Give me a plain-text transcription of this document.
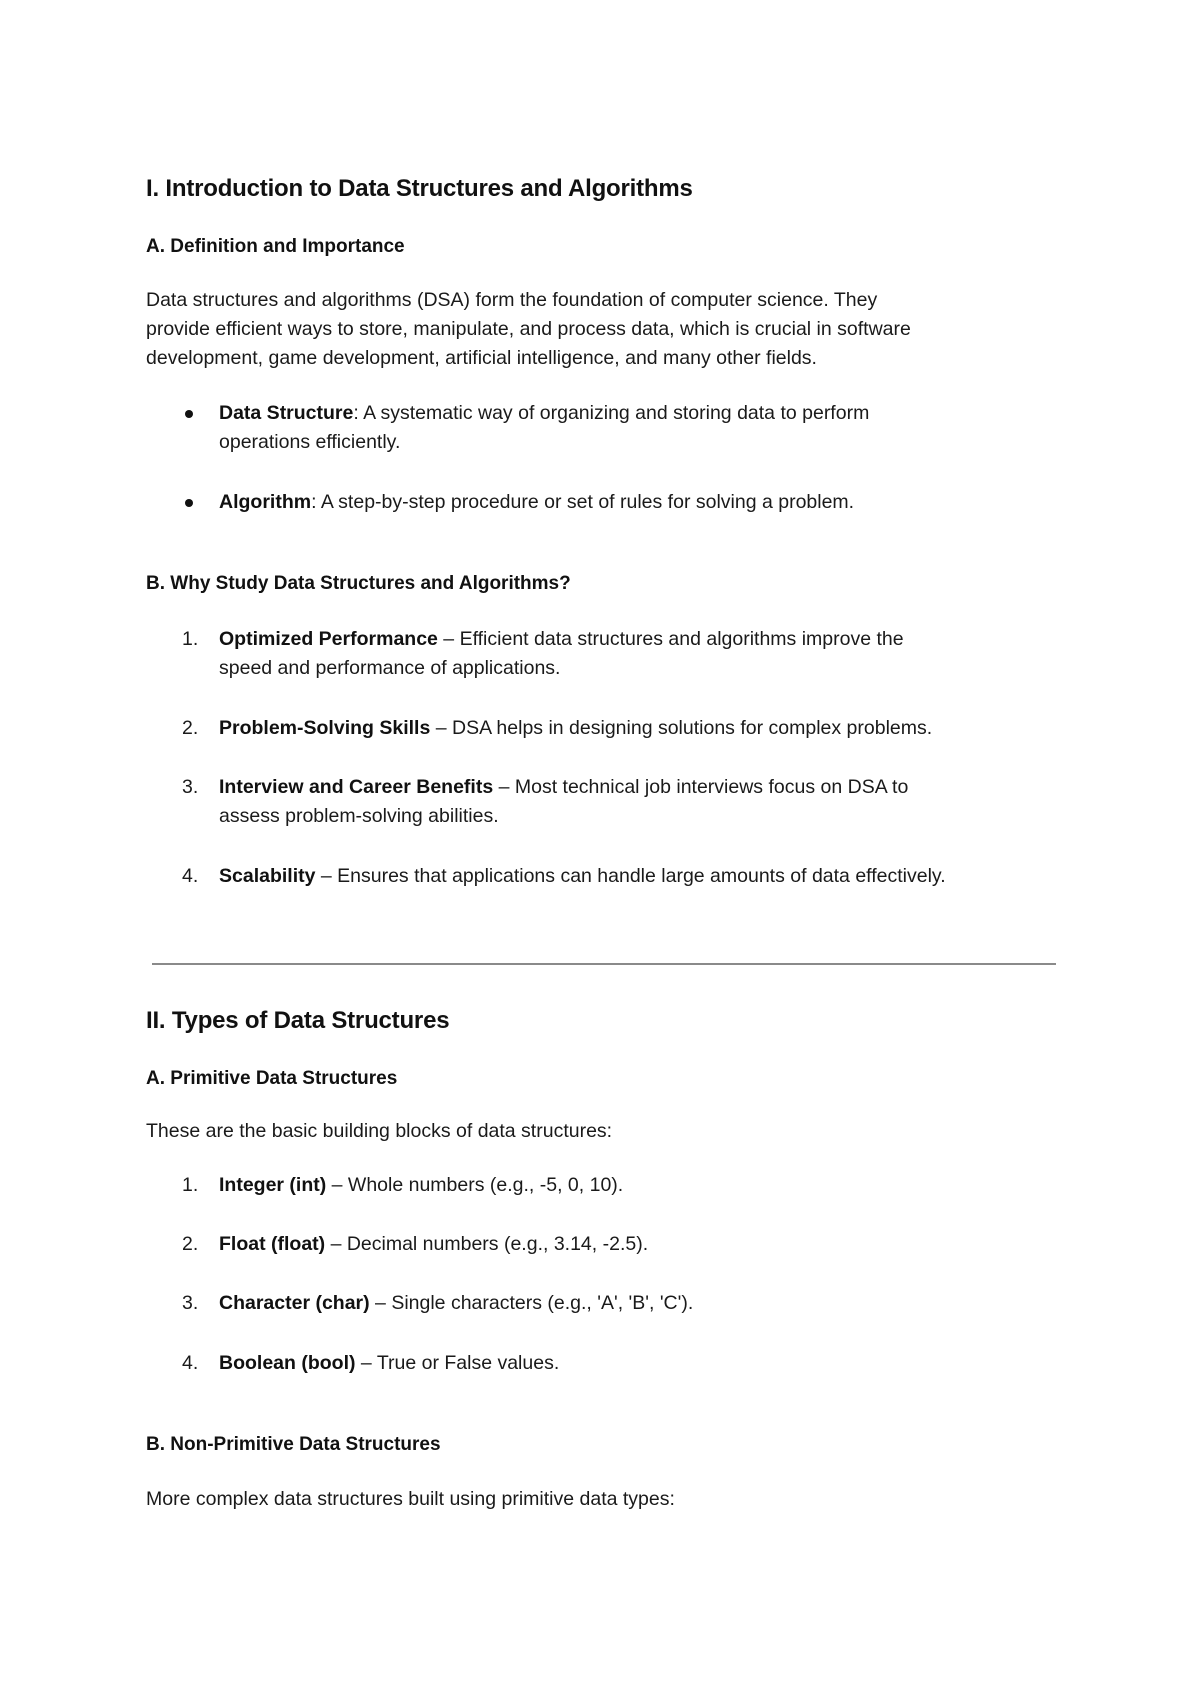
I. Introduction to Data Structures and Algorithms
A. Definition and Importance
Data structures and algorithms (DSA) form the foundation of computer science. They
provide efficient ways to store, manipulate, and process data, which is crucial in software
development, game development, artificial intelligence, and many other fields.
Data Structure: A systematic way of organizing and storing data to perform
operations efficiently.
Algorithm: A step-by-step procedure or set of rules for solving a problem.
B. Why Study Data Structures and Algorithms?
1.	Optimized Performance – Efficient data structures and algorithms improve the
speed and performance of applications.
2.	Problem-Solving Skills – DSA helps in designing solutions for complex problems.
3.	Interview and Career Benefits – Most technical job interviews focus on DSA to
assess problem-solving abilities.
4.	Scalability – Ensures that applications can handle large amounts of data effectively.
II. Types of Data Structures
A. Primitive Data Structures
These are the basic building blocks of data structures:
1.	Integer (int) – Whole numbers (e.g., -5, 0, 10).
2.	Float (float) – Decimal numbers (e.g., 3.14, -2.5).
3.	Character (char) – Single characters (e.g., 'A', 'B', 'C').
4.	Boolean (bool) – True or False values.
B. Non-Primitive Data Structures
More complex data structures built using primitive data types:
